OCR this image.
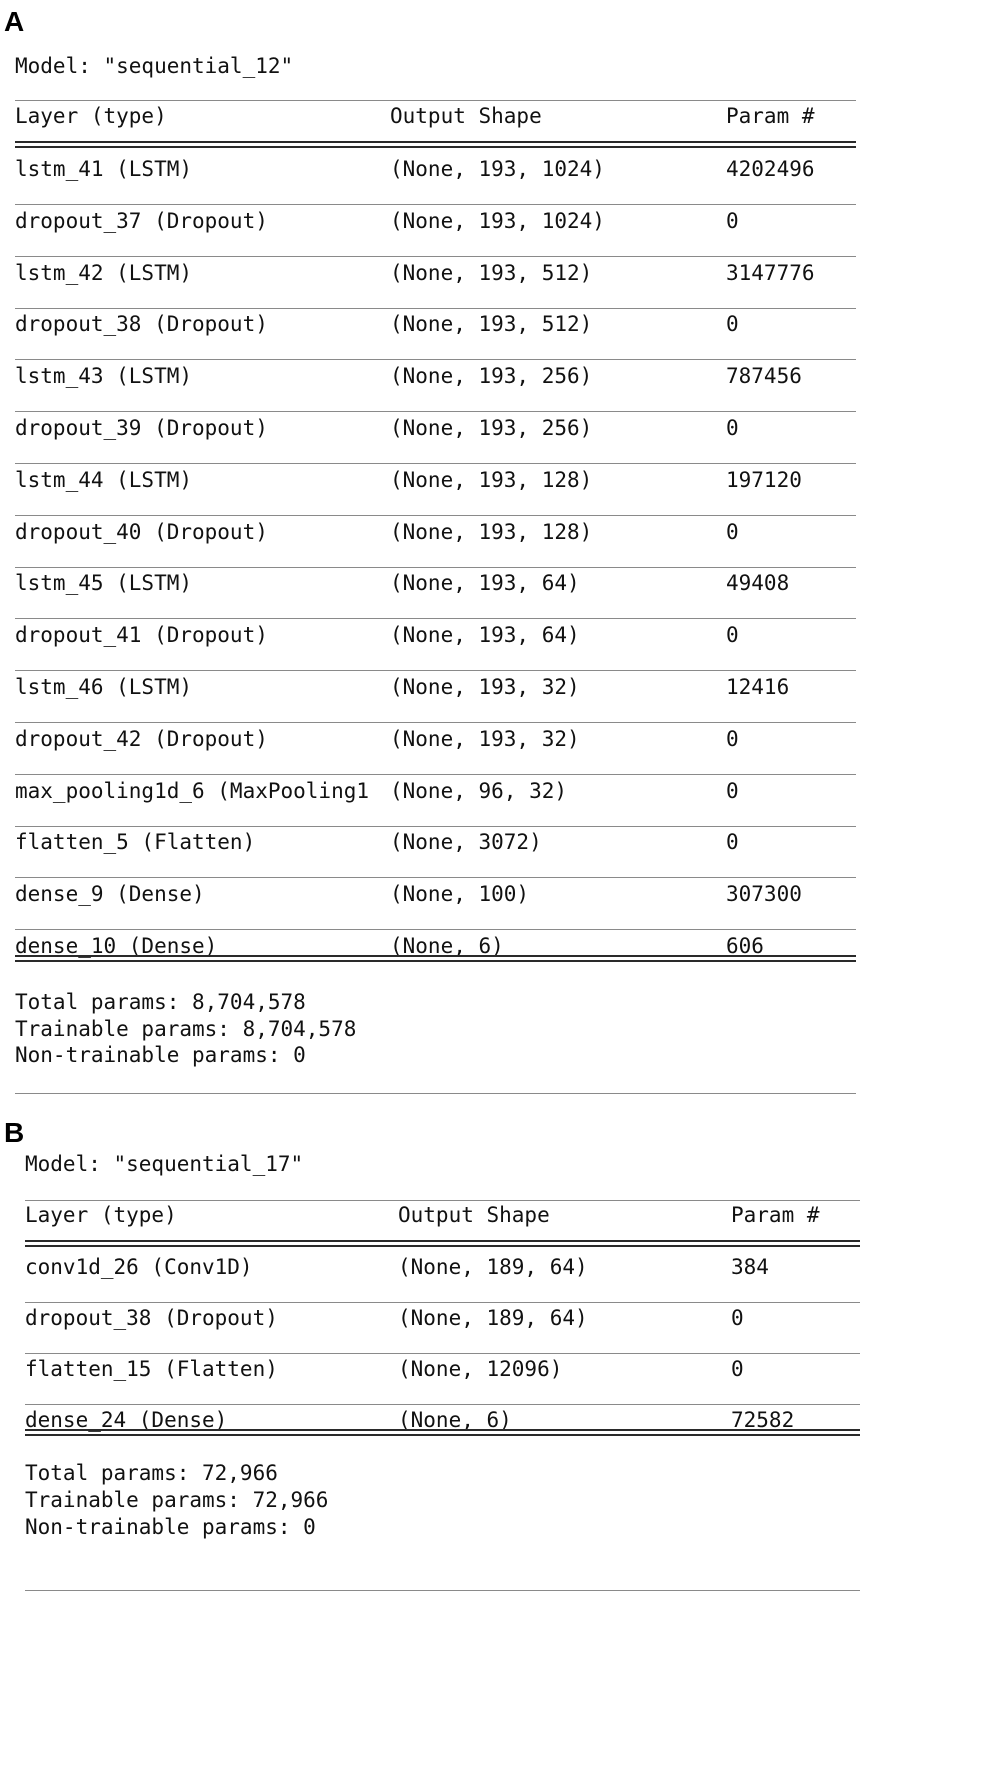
A
Model: "sequential_12"
Layer (type)	Output Shape	Param #
lstm_41 (LSTM)	(None, 193, 1024)	4202496
dropout_37 (Dropout)	(None, 193, 1024)	0
lstm_42 (LSTM)	(None, 193, 512)	3147776
dropout_38 (Dropout)	(None, 193, 512)	0
lstm_43 (LSTM)	(None, 193, 256)	787456
dropout_39 (Dropout)	(None, 193, 256)	0
lstm_44 (LSTM)	(None, 193, 128)	197120
dropout_40 (Dropout)	(None, 193, 128)	0
lstm_45 (LSTM)	(None, 193, 64)	49408
dropout_41 (Dropout)	(None, 193, 64)	0
lstm_46 (LSTM)	(None, 193, 32)	12416
dropout_42 (Dropout)	(None, 193, 32)	0
max_pooling1d_6 (MaxPooling1 (None, 96, 32)	0
flatten_5 (Flatten)	(None, 3072)	0
dense_9 (Dense)	(None, 100)	307300
dense_10 (Dense)	(None, 6)	606
Total params: 8,704,578
Trainable params: 8,704,578
Non-trainable params: 0
B
Model: "sequential_17"
Layer (type)	Output Shape	Param #
conv1d_26 (Conv1D)	(None, 189, 64)	384
dropout_38 (Dropout)	(None, 189, 64)	0
flatten_15 (Flatten)	(None, 12096)	0
dense_24 (Dense)	(None, 6)	72582
Total params: 72,966
Trainable params: 72,966
Non-trainable params: 0
